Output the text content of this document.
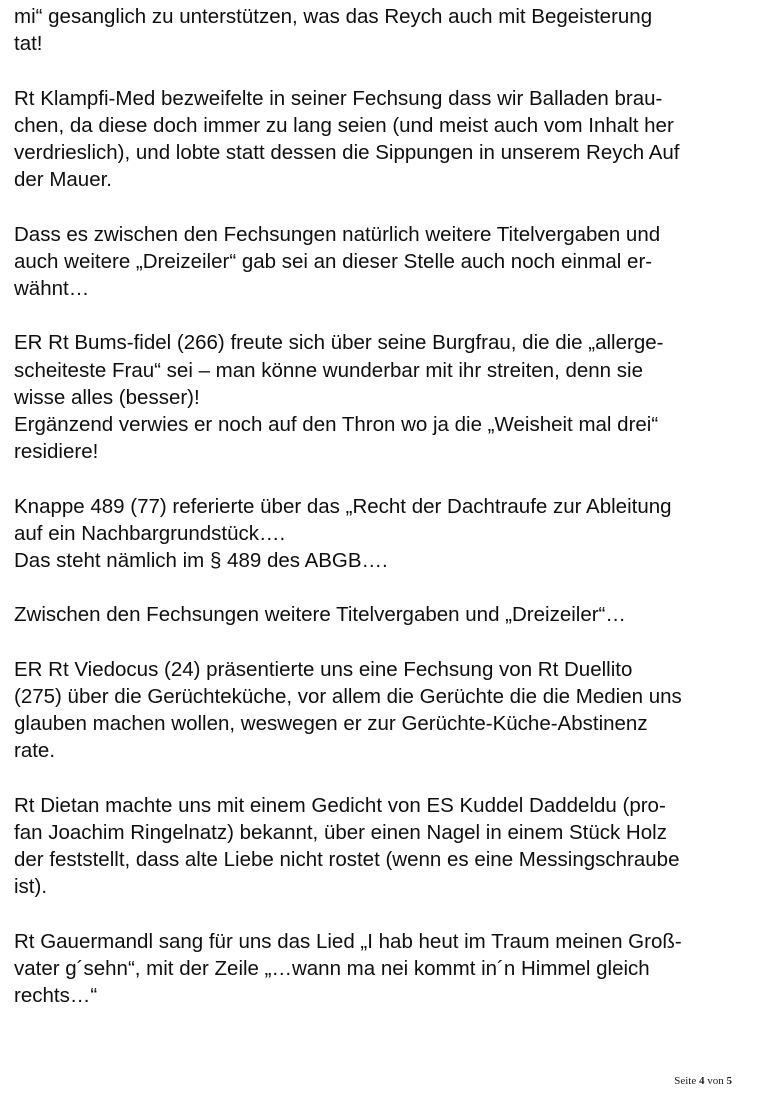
mi“ gesanglich zu unterstützen, was das Reych auch mit Begeisterung
tat!

Rt Klampfi-Med bezweifelte in seiner Fechsung dass wir Balladen brau-
chen, da diese doch immer zu lang seien (und meist auch vom Inhalt her
verdrieslich), und lobte statt dessen die Sippungen in unserem Reych Auf
der Mauer.

Dass es zwischen den Fechsungen natürlich weitere Titelvergaben und
auch weitere „Dreizeiler“ gab sei an dieser Stelle auch noch einmal er-
wähnt…

ER Rt Bums-fidel (266) freute sich über seine Burgfrau, die die „allerge-
scheiteste Frau“ sei – man könne wunderbar mit ihr streiten, denn sie
wisse alles (besser)!
Ergänzend verwies er noch auf den Thron wo ja die „Weisheit mal drei“
residiere!

Knappe 489 (77) referierte über das „Recht der Dachtraufe zur Ableitung
auf ein Nachbargrundstück….
Das steht nämlich im § 489 des ABGB….

Zwischen den Fechsungen weitere Titelvergaben und „Dreizeiler“…

ER Rt Viedocus (24) präsentierte uns eine Fechsung von Rt Duellito
(275) über die Gerüchteküche, vor allem die Gerüchte die die Medien uns
glauben machen wollen, weswegen er zur Gerüchte-Küche-Abstinenz
rate.

Rt Dietan machte uns mit einem Gedicht von ES Kuddel Daddeldu (pro-
fan Joachim Ringelnatz) bekannt, über einen Nagel in einem Stück Holz
der feststellt, dass alte Liebe nicht rostet (wenn es eine Messingschraube
ist).

Rt Gauermandl sang für uns das Lied „I hab heut im Traum meinen Groß-
vater g´sehn“, mit der Zeile „…wann ma nei kommt in´n Himmel gleich
rechts…“

Seite 4 von 5
